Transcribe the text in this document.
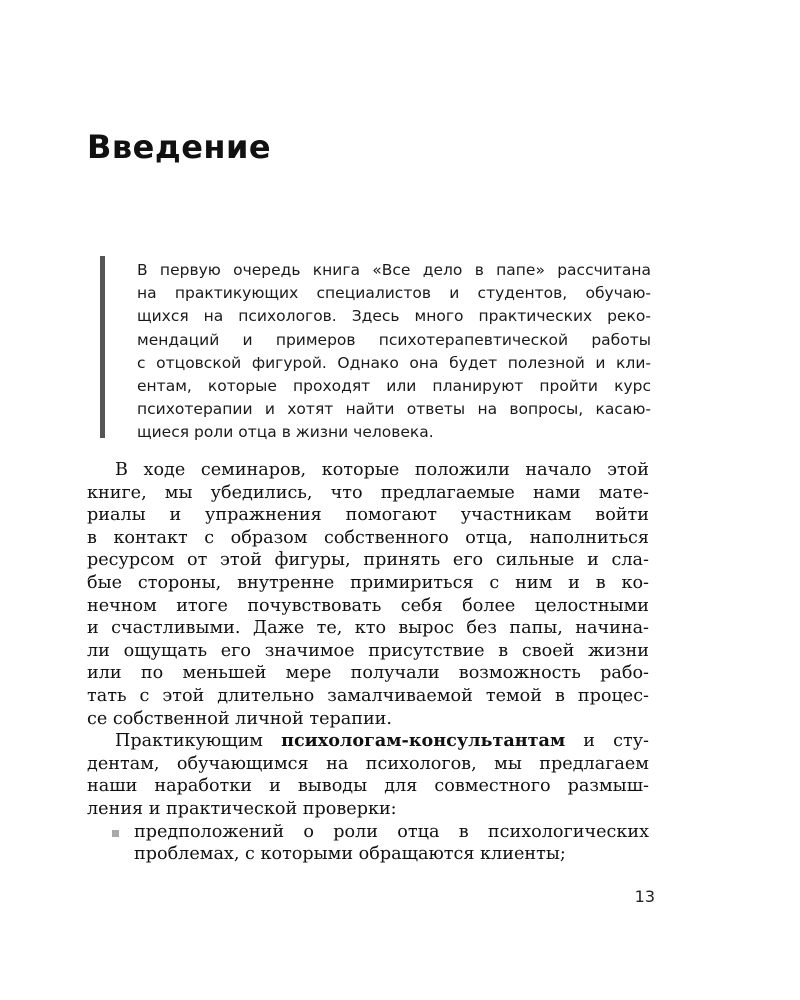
Введение
В первую очередь книга «Все дело в папе» рассчитана
на практикующих специалистов и студентов, обучаю-
щихся на психологов. Здесь много практических реко-
мендаций и примеров психотерапевтической работы
с отцовской фигурой. Однако она будет полезной и кли-
ентам, которые проходят или планируют пройти курс
психотерапии и хотят найти ответы на вопросы, касаю-
щиеся роли отца в жизни человека.
В ходе семинаров, которые положили начало этой
книге, мы убедились, что предлагаемые нами мате-
риалы и упражнения помогают участникам войти
в контакт с образом собственного отца, наполниться
ресурсом от этой фигуры, принять его сильные и сла-
бые стороны, внутренне примириться с ним и в ко-
нечном итоге почувствовать себя более целостными
и счастливыми. Даже те, кто вырос без папы, начина-
ли ощущать его значимое присутствие в своей жизни
или по меньшей мере получали возможность рабо-
тать с этой длительно замалчиваемой темой в процес-
се собственной личной терапии.
Практикующим психологам-консультантам и сту-
дентам, обучающимся на психологов, мы предлагаем
наши наработки и выводы для совместного размыш-
ления и практической проверки:
предположений о роли отца в психологических
проблемах, с которыми обращаются клиенты;
13
